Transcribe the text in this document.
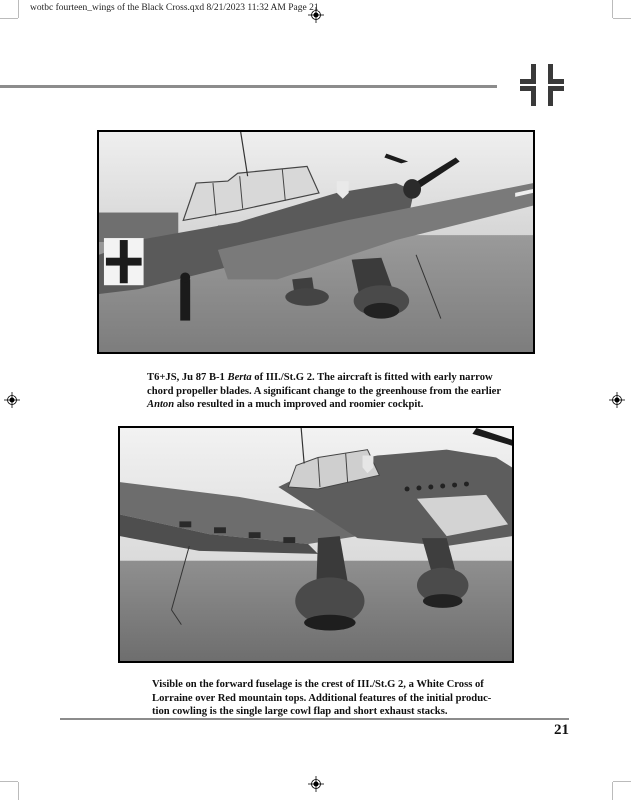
wotbc fourteen_wings of the Black Cross.qxd 8/21/2023 11:32 AM Page 21

T6+JS, Ju 87 B-1 Berta of III./St.G 2. The aircraft is fitted with early narrow
chord propeller blades. A significant change to the greenhouse from the earlier
Anton also resulted in a much improved and roomier cockpit.

Visible on the forward fuselage is the crest of III./St.G 2, a White Cross of
Lorraine over Red mountain tops. Additional features of the initial produc-
tion cowling is the single large cowl flap and short exhaust stacks.

21
